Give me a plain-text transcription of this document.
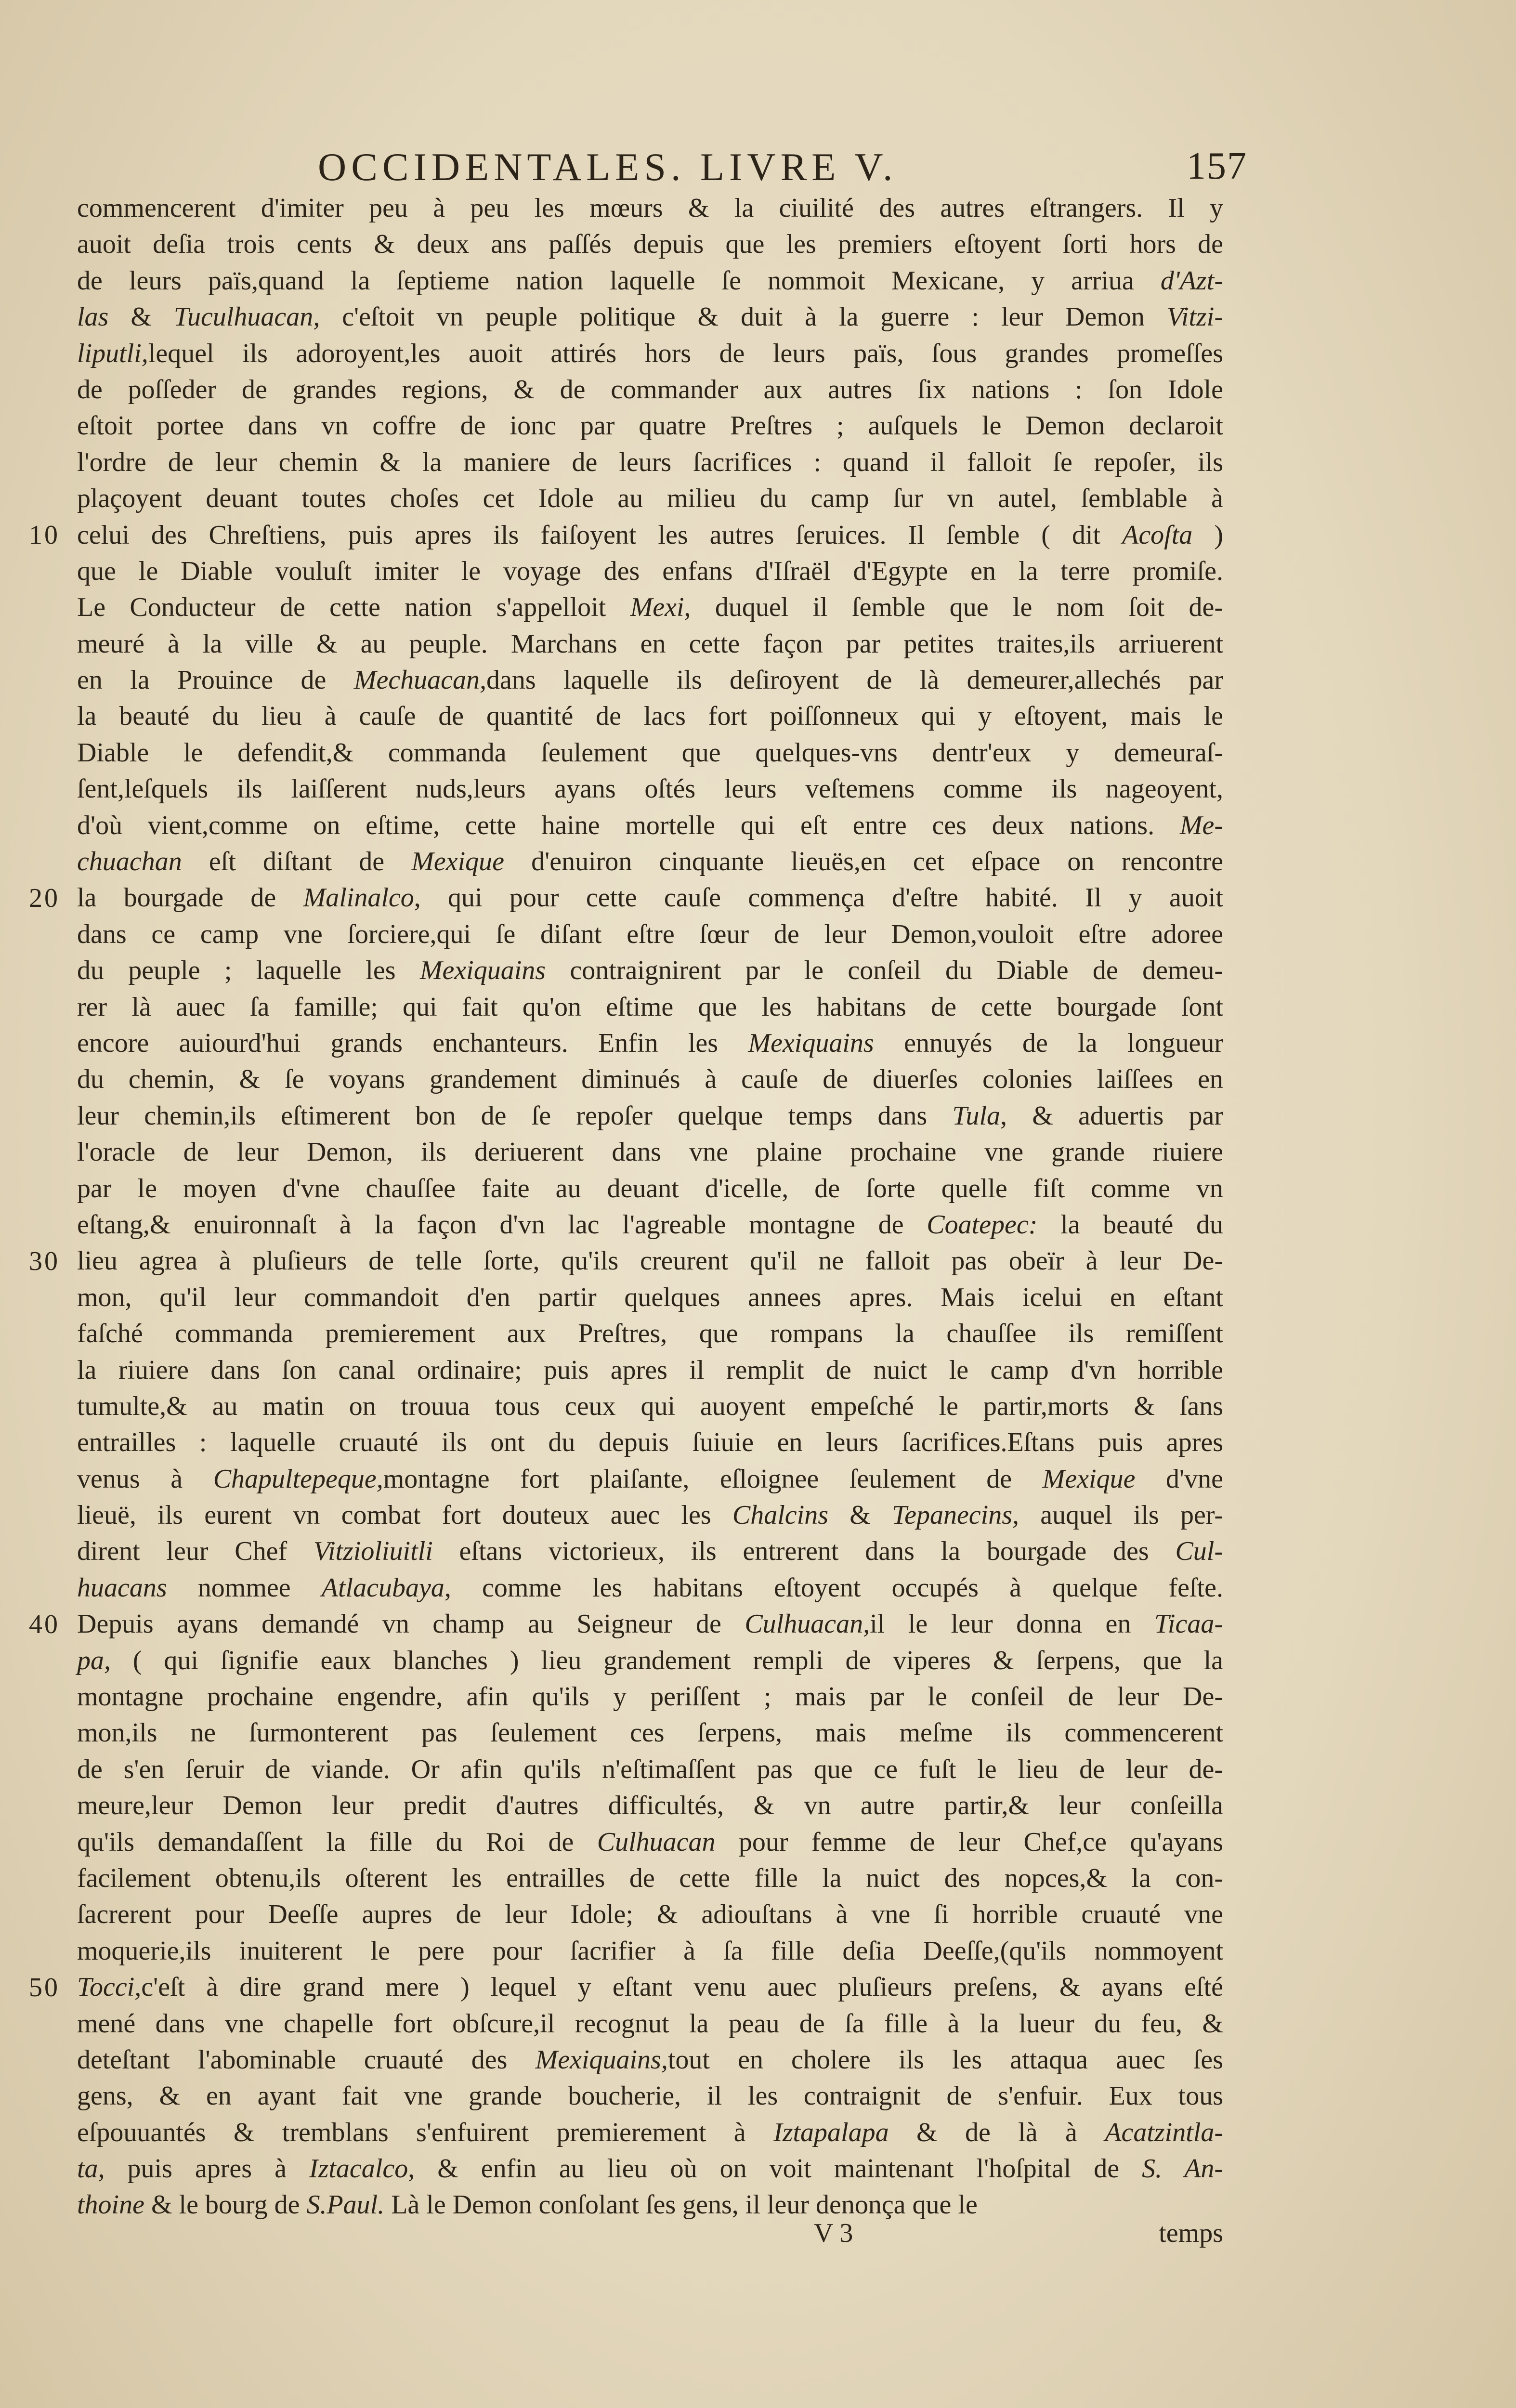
OCCIDENTALES. LIVRE V.	157
10
20
30
40
50
commencerent d'imiter peu à peu les mœurs & la ciuilité des autres eſtrangers. Il y
auoit deſia trois cents & deux ans paſſés depuis que les premiers eſtoyent ſorti hors de
de leurs païs,quand la ſeptieme nation laquelle ſe nommoit Mexicane, y arriua d'Azt-
las & Tuculhuacan, c'eſtoit vn peuple politique & duit à la guerre : leur Demon Vitzi-
liputli,lequel ils adoroyent,les auoit attirés hors de leurs païs, ſous grandes promeſſes
de poſſeder de grandes regions, & de commander aux autres ſix nations : ſon Idole
eſtoit portee dans vn coffre de ionc par quatre Preſtres ; auſquels le Demon declaroit
l'ordre de leur chemin & la maniere de leurs ſacrifices : quand il falloit ſe repoſer, ils
plaçoyent deuant toutes choſes cet Idole au milieu du camp ſur vn autel, ſemblable à
celui des Chreſtiens, puis apres ils faiſoyent les autres ſeruices. Il ſemble ( dit Acoſta )
que le Diable vouluſt imiter le voyage des enfans d'Iſraël d'Egypte en la terre promiſe.
Le Conducteur de cette nation s'appelloit Mexi, duquel il ſemble que le nom ſoit de-
meuré à la ville & au peuple. Marchans en cette façon par petites traites,ils arriuerent
en la Prouince de Mechuacan,dans laquelle ils deſiroyent de là demeurer,allechés par
la beauté du lieu à cauſe de quantité de lacs fort poiſſonneux qui y eſtoyent, mais le
Diable le defendit,& commanda ſeulement que quelques-vns dentr'eux y demeuraſ-
ſent,leſquels ils laiſſerent nuds,leurs ayans oſtés leurs veſtemens comme ils nageoyent,
d'où vient,comme on eſtime, cette haine mortelle qui eſt entre ces deux nations. Me-
chuachan eſt diſtant de Mexique d'enuiron cinquante lieuës,en cet eſpace on rencontre
la bourgade de Malinalco, qui pour cette cauſe commença d'eſtre habité. Il y auoit
dans ce camp vne ſorciere,qui ſe diſant eſtre ſœur de leur Demon,vouloit eſtre adoree
du peuple ; laquelle les Mexiquains contraignirent par le conſeil du Diable de demeu-
rer là auec ſa famille; qui fait qu'on eſtime que les habitans de cette bourgade ſont
encore auiourd'hui grands enchanteurs. Enfin les Mexiquains ennuyés de la longueur
du chemin, & ſe voyans grandement diminués à cauſe de diuerſes colonies laiſſees en
leur chemin,ils eſtimerent bon de ſe repoſer quelque temps dans Tula, & aduertis par
l'oracle de leur Demon, ils deriuerent dans vne plaine prochaine vne grande riuiere
par le moyen d'vne chauſſee faite au deuant d'icelle, de ſorte quelle fiſt comme vn
eſtang,& enuironnaſt à la façon d'vn lac l'agreable montagne de Coatepec: la beauté du
lieu agrea à pluſieurs de telle ſorte, qu'ils creurent qu'il ne falloit pas obeïr à leur De-
mon, qu'il leur commandoit d'en partir quelques annees apres. Mais icelui en eſtant
faſché commanda premierement aux Preſtres, que rompans la chauſſee ils remiſſent
la riuiere dans ſon canal ordinaire; puis apres il remplit de nuict le camp d'vn horrible
tumulte,& au matin on trouua tous ceux qui auoyent empeſché le partir,morts & ſans
entrailles : laquelle cruauté ils ont du depuis ſuiuie en leurs ſacrifices.Eſtans puis apres
venus à Chapultepeque,montagne fort plaiſante, eſloignee ſeulement de Mexique d'vne
lieuë, ils eurent vn combat fort douteux auec les Chalcins & Tepanecins, auquel ils per-
dirent leur Chef Vitzioliuitli eſtans victorieux, ils entrerent dans la bourgade des Cul-
huacans nommee Atlacubaya, comme les habitans eſtoyent occupés à quelque feſte.
Depuis ayans demandé vn champ au Seigneur de Culhuacan,il le leur donna en Ticaa-
pa, ( qui ſignifie eaux blanches ) lieu grandement rempli de viperes & ſerpens, que la
montagne prochaine engendre, afin qu'ils y periſſent ; mais par le conſeil de leur De-
mon,ils ne ſurmonterent pas ſeulement ces ſerpens, mais meſme ils commencerent
de s'en ſeruir de viande. Or afin qu'ils n'eſtimaſſent pas que ce fuſt le lieu de leur de-
meure,leur Demon leur predit d'autres difficultés, & vn autre partir,& leur conſeilla
qu'ils demandaſſent la fille du Roi de Culhuacan pour femme de leur Chef,ce qu'ayans
facilement obtenu,ils oſterent les entrailles de cette fille la nuict des nopces,& la con-
ſacrerent pour Deeſſe aupres de leur Idole; & adiouſtans à vne ſi horrible cruauté vne
moquerie,ils inuiterent le pere pour ſacrifier à ſa fille deſia Deeſſe,(qu'ils nommoyent
Tocci,c'eſt à dire grand mere ) lequel y eſtant venu auec pluſieurs preſens, & ayans eſté
mené dans vne chapelle fort obſcure,il recognut la peau de ſa fille à la lueur du feu, &
deteſtant l'abominable cruauté des Mexiquains,tout en cholere ils les attaqua auec ſes
gens, & en ayant fait vne grande boucherie, il les contraignit de s'enfuir. Eux tous
eſpouuantés & tremblans s'enfuirent premierement à Iztapalapa & de là à Acatzintla-
ta, puis apres à Iztacalco, & enfin au lieu où on voit maintenant l'hoſpital de S. An-
thoine & le bourg de S.Paul. Là le Demon conſolant ſes gens, il leur denonça que le
V 3	temps
